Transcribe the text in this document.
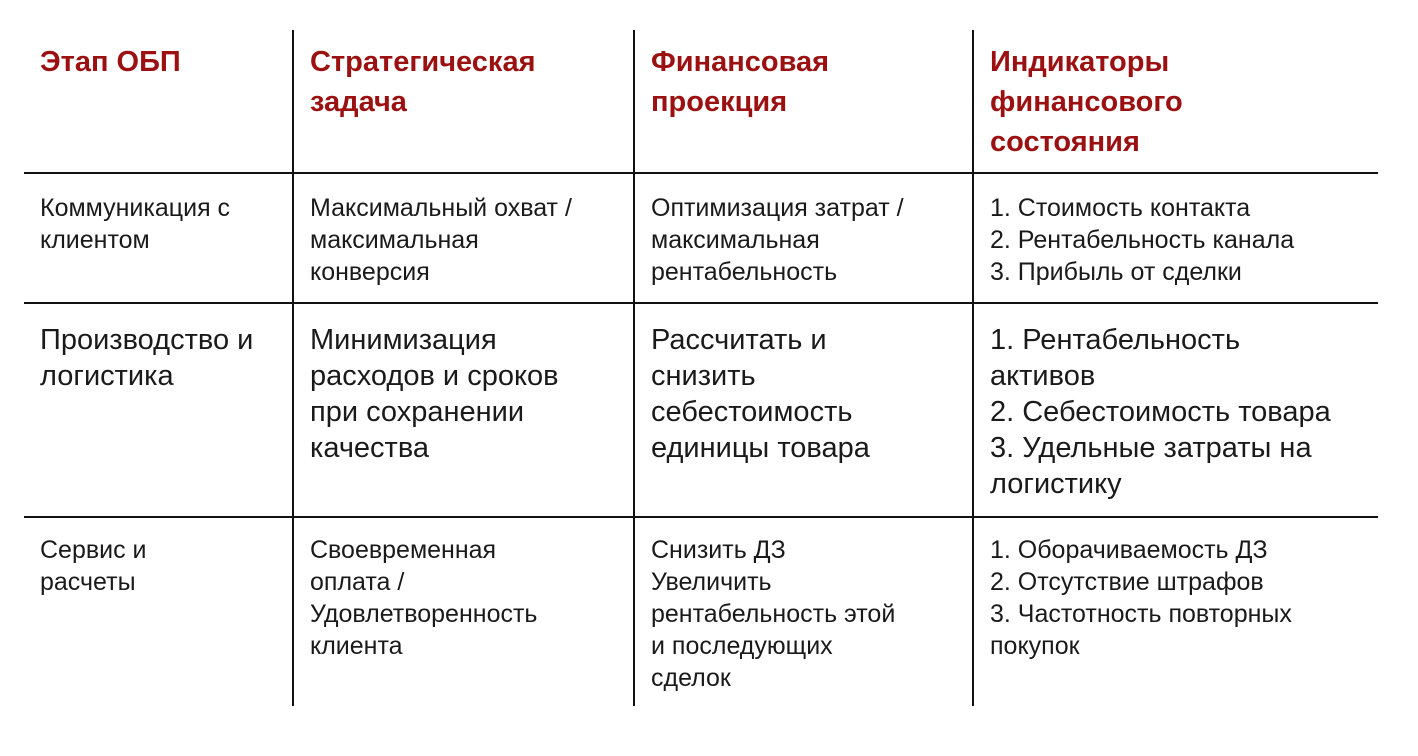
Этап ОБП	Стратегическая
задача
Финансовая
проекция
Индикаторы
финансового
состояния
Коммуникация с
клиентом
Максимальный охват /
максимальная
конверсия
Оптимизация затрат /
максимальная
рентабельность
1. Стоимость контакта
2. Рентабельность канала
3. Прибыль от сделки
Производство и
логистика
Минимизация
расходов и сроков
при сохранении
качества
Рассчитать и
снизить
себестоимость
единицы товара
1. Рентабельность
активов
2. Себестоимость товара
3. Удельные затраты на
логистику
Сервис и
расчеты
Своевременная
оплата /
Удовлетворенность
клиента
Снизить ДЗ
Увеличить
рентабельность этой
и последующих
сделок
1. Оборачиваемость ДЗ
2. Отсутствие штрафов
3. Частотность повторных
покупок
